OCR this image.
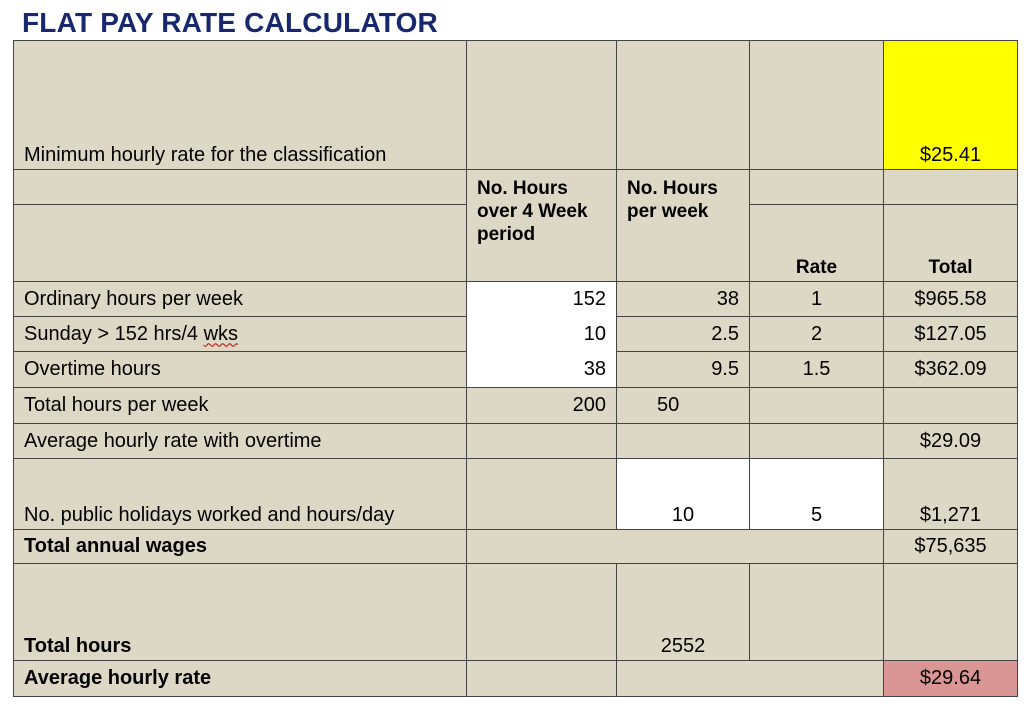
FLAT PAY RATE CALCULATOR
Minimum hourly rate for the classification				$25.41
	No. Hours over 4 Week period	No. Hours per week		
			Rate	Total
Ordinary hours per week	152	38	1	$965.58
Sunday > 152 hrs/4 wks	10	2.5	2	$127.05
Overtime hours	38	9.5	1.5	$362.09
Total hours per week	200	50		
Average hourly rate with overtime				$29.09
No. public holidays worked and hours/day		10	5	$1,271
Total annual wages				$75,635
Total hours		2552		
Average hourly rate				$29.64
